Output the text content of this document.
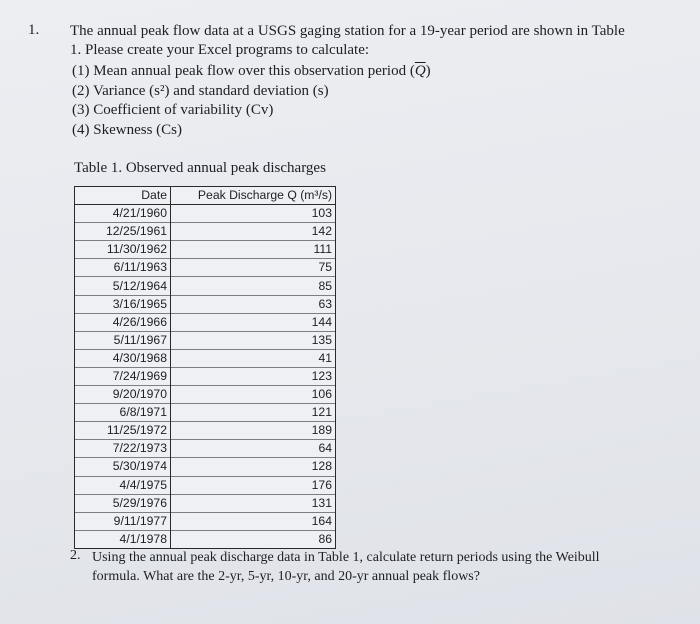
1. The annual peak flow data at a USGS gaging station for a 19-year period are shown in Table
1. Please create your Excel programs to calculate:
(1) Mean annual peak flow over this observation period $(\overline{Q})$
(2) Variance (s²) and standard deviation (s)
(3) Coefficient of variability (Cv)
(4) Skewness (Cs)
Table 1. Observed annual peak discharges
Date	Peak Discharge Q (m³/s)
4/21/1960	103
12/25/1961	142
11/30/1962	111
6/11/1963	75
5/12/1964	85
3/16/1965	63
4/26/1966	144
5/11/1967	135
4/30/1968	41
7/24/1969	123
9/20/1970	106
6/8/1971	121
11/25/1972	189
7/22/1973	64
5/30/1974	128
4/4/1975	176
5/29/1976	131
9/11/1977	164
4/1/1978	86
2. Using the annual peak discharge data in Table 1, calculate return periods using the Weibull
formula. What are the 2-yr, 5-yr, 10-yr, and 20-yr annual peak flows?
